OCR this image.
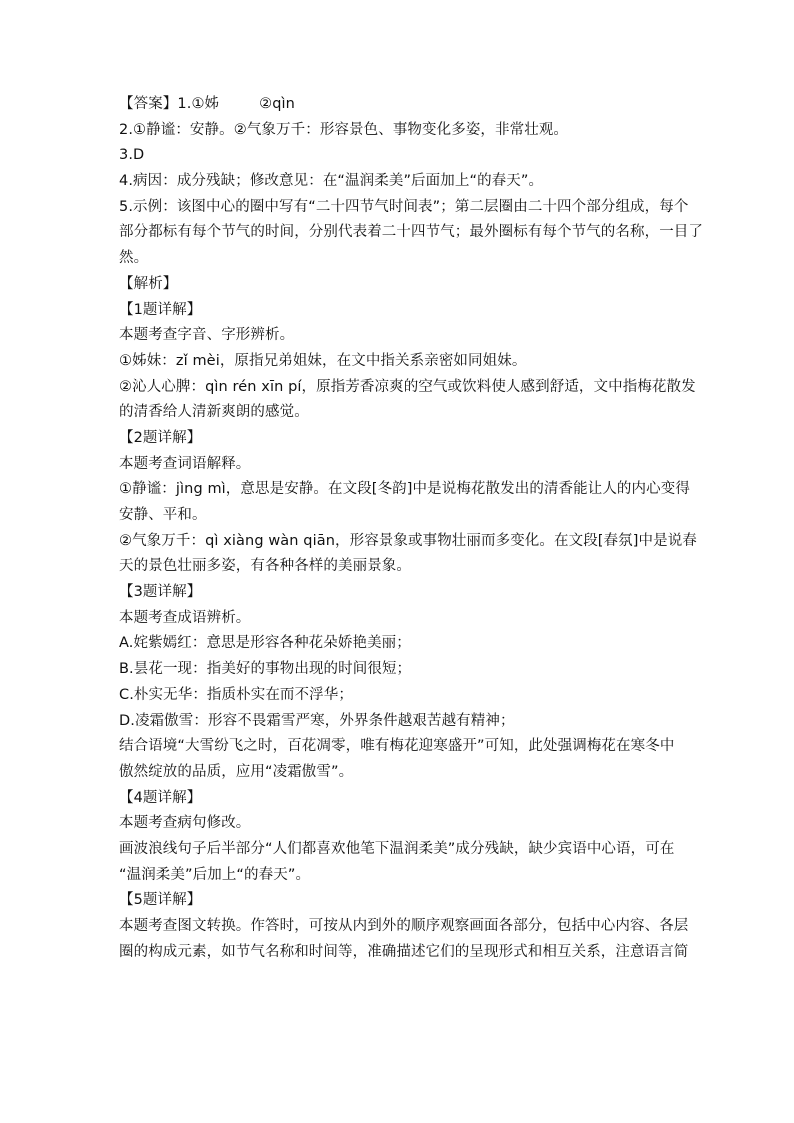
【答案】1.①姊	②qìn
2.①静谧：安静。②气象万千：形容景色、事物变化多姿，非常壮观。
3.D
4.病因：成分残缺；修改意见：在“温润柔美”后面加上“的春天”。
5.示例：该图中心的圈中写有“二十四节气时间表”；第二层圈由二十四个部分组成，每个
部分都标有每个节气的时间，分别代表着二十四节气；最外圈标有每个节气的名称，一目了
然。
【解析】
【1题详解】
本题考查字音、字形辨析。
①姊妹：zǐ mèi，原指兄弟姐妹，在文中指关系亲密如同姐妹。
②沁人心脾：qìn rén xīn pí，原指芳香凉爽的空气或饮料使人感到舒适，文中指梅花散发
的清香给人清新爽朗的感觉。
【2题详解】
本题考查词语解释。
①静谧：jìng mì，意思是安静。在文段[冬韵]中是说梅花散发出的清香能让人的内心变得
安静、平和。
②气象万千：qì xiàng wàn qiān，形容景象或事物壮丽而多变化。在文段[春氛]中是说春
天的景色壮丽多姿，有各种各样的美丽景象。
【3题详解】
本题考查成语辨析。
A.姹紫嫣红：意思是形容各种花朵娇艳美丽；
B.昙花一现：指美好的事物出现的时间很短；
C.朴实无华：指质朴实在而不浮华；
D.凌霜傲雪：形容不畏霜雪严寒，外界条件越艰苦越有精神；
结合语境“大雪纷飞之时，百花凋零，唯有梅花迎寒盛开”可知，此处强调梅花在寒冬中
傲然绽放的品质，应用“凌霜傲雪”。
【4题详解】
本题考查病句修改。
画波浪线句子后半部分“人们都喜欢他笔下温润柔美”成分残缺，缺少宾语中心语，可在
“温润柔美”后加上“的春天”。
【5题详解】
本题考查图文转换。作答时，可按从内到外的顺序观察画面各部分，包括中心内容、各层
圈的构成元素，如节气名称和时间等，准确描述它们的呈现形式和相互关系，注意语言简
